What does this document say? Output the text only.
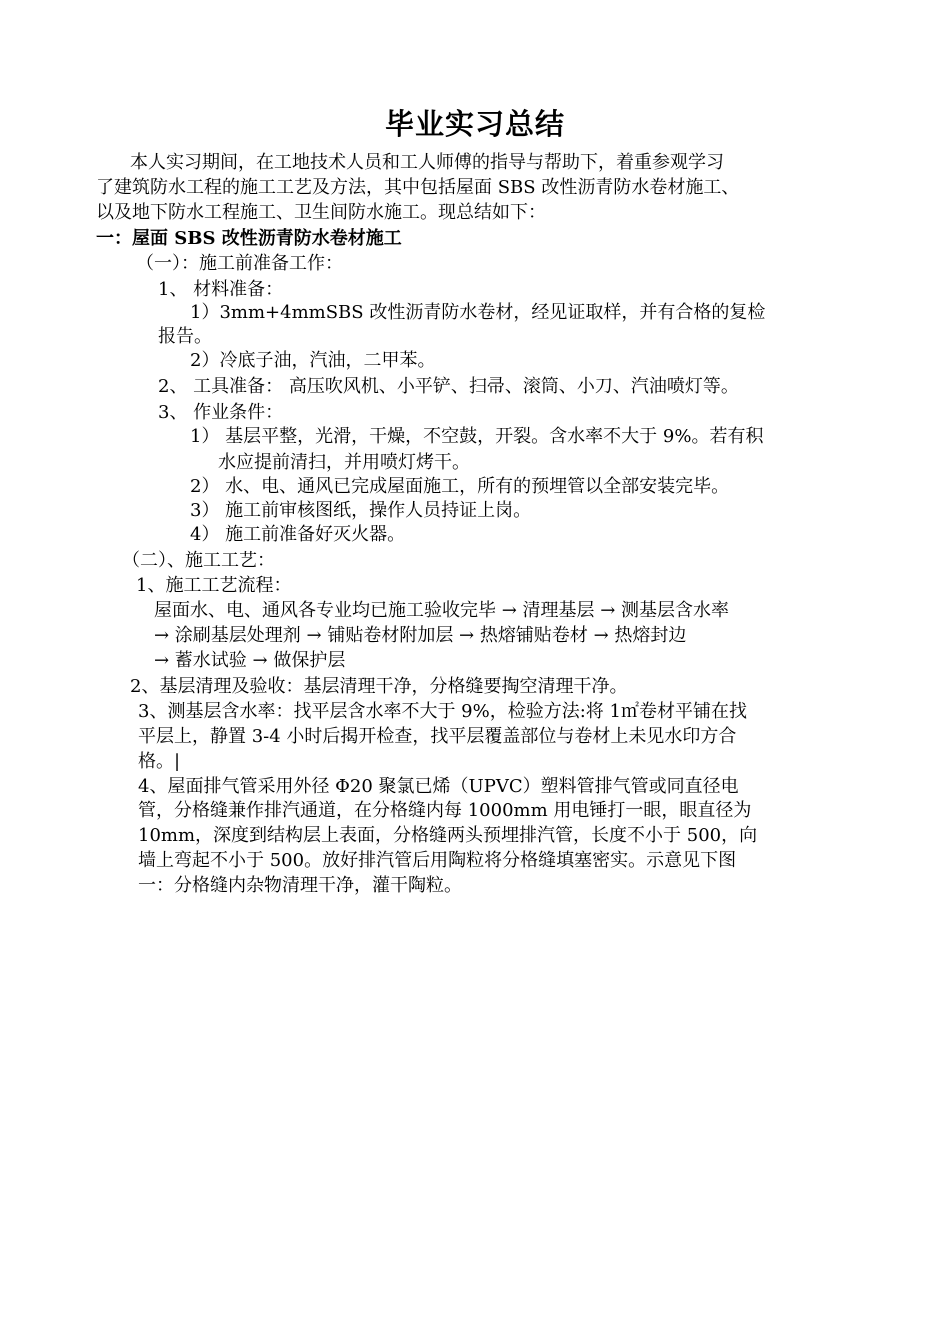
毕业实习总结
本人实习期间，在工地技术人员和工人师傅的指导与帮助下，着重参观学习
了建筑防水工程的施工工艺及方法，其中包括屋面 SBS 改性沥青防水卷材施工、
以及地下防水工程施工、卫生间防水施工。现总结如下：
一：屋面 SBS 改性沥青防水卷材施工
（一）：施工前准备工作：
1、 材料准备：
1）3mm+4mmSBS 改性沥青防水卷材，经见证取样，并有合格的复检
报告。
2）冷底子油，汽油，二甲苯。
2、 工具准备： 高压吹风机、小平铲、扫帚、滚筒、小刀、汽油喷灯等。
3、 作业条件：
1） 基层平整，光滑，干燥，不空鼓，开裂。含水率不大于 9%。若有积
水应提前清扫，并用喷灯烤干。
2） 水、电、通风已完成屋面施工，所有的预埋管以全部安装完毕。
3） 施工前审核图纸，操作人员持证上岗。
4） 施工前准备好灭火器。
（二）、施工工艺：
1、施工工艺流程：
屋面水、电、通风各专业均已施工验收完毕 → 清理基层 → 测基层含水率
→ 涂刷基层处理剂 → 铺贴卷材附加层 → 热熔铺贴卷材 → 热熔封边
→ 蓄水试验 → 做保护层
2、基层清理及验收：基层清理干净，分格缝要掏空清理干净。
3、测基层含水率：找平层含水率不大于 9%，检验方法:将 1㎡卷材平铺在找
平层上，静置 3-4 小时后揭开检查，找平层覆盖部位与卷材上未见水印方合
格。|
4、屋面排气管采用外径 Φ20 聚氯已烯（UPVC）塑料管排气管或同直径电
管，分格缝兼作排汽通道，在分格缝内每 1000mm 用电锤打一眼，眼直径为
10mm，深度到结构层上表面，分格缝两头预埋排汽管，长度不小于 500，向
墙上弯起不小于 500。放好排汽管后用陶粒将分格缝填塞密实。示意见下图
一：分格缝内杂物清理干净，灌干陶粒。
